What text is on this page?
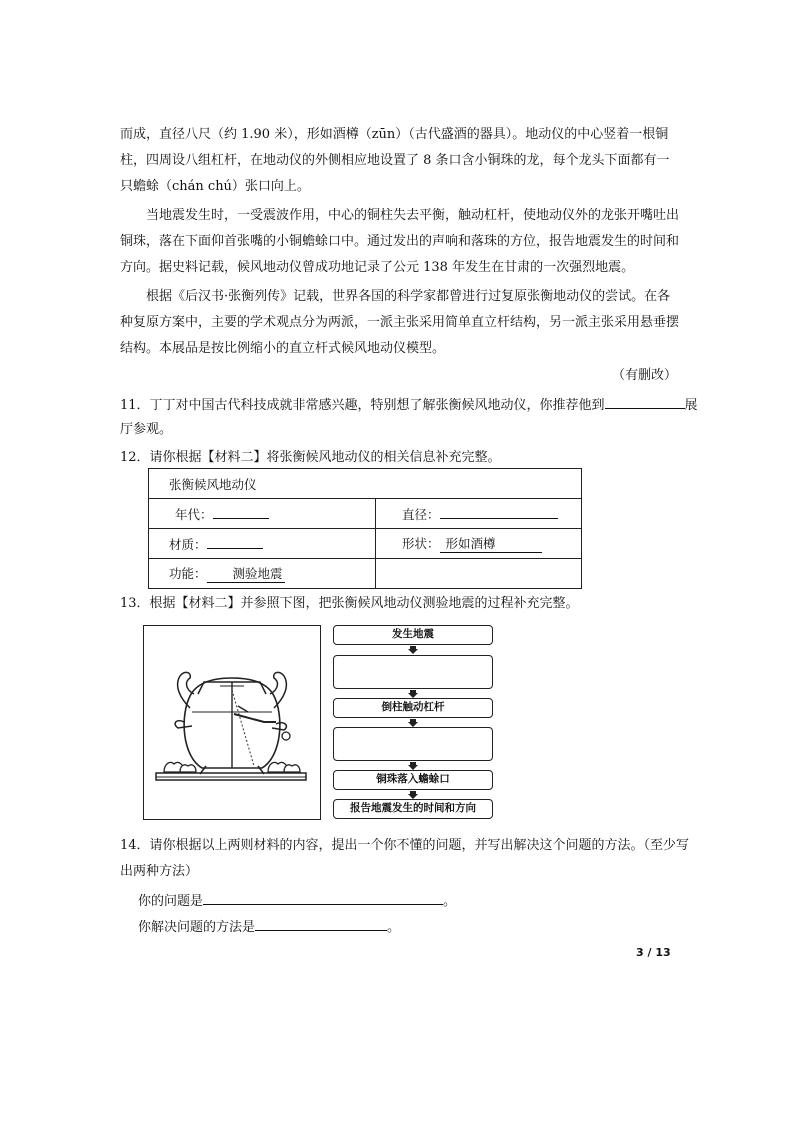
而成，直径八尺（约 1.90 米），形如酒樽（zūn）（古代盛酒的器具）。地动仪的中心竖着一根铜柱，四周设八组杠杆，在地动仪的外侧相应地设置了 8 条口含小铜珠的龙，每个龙头下面都有一只蟾蜍（chán chú）张口向上。

当地震发生时，一受震波作用，中心的铜柱失去平衡，触动杠杆，使地动仪外的龙张开嘴吐出铜珠，落在下面仰首张嘴的小铜蟾蜍口中。通过发出的声响和落珠的方位，报告地震发生的时间和方向。据史料记载，候风地动仪曾成功地记录了公元 138 年发生在甘肃的一次强烈地震。

根据《后汉书·张衡列传》记载，世界各国的科学家都曾进行过复原张衡地动仪的尝试。在各种复原方案中，主要的学术观点分为两派，一派主张采用简单直立杆结构，另一派主张采用悬垂摆结构。本展品是按比例缩小的直立杆式候风地动仪模型。

（有删改）
11．丁丁对中国古代科技成就非常感兴趣，特别想了解张衡候风地动仪，你推荐他到	展
厅参观。
12．请你根据【材料二】将张衡候风地动仪的相关信息补充完整。
张衡候风地动仪	
年代：	直径：
材质：	形状： 形如酒樽
功能： 测验地震	
13．根据【材料二】并参照下图，把张衡候风地动仪测验地震的过程补充完整。
发生地震
倒柱触动杠杆
铜珠落入蟾蜍口
报告地震发生的时间和方向
14．请你根据以上两则材料的内容，提出一个你不懂的问题，并写出解决这个问题的方法。（至少写
出两种方法）
你的问题是	。
你解决问题的方法是	。
3 / 13
